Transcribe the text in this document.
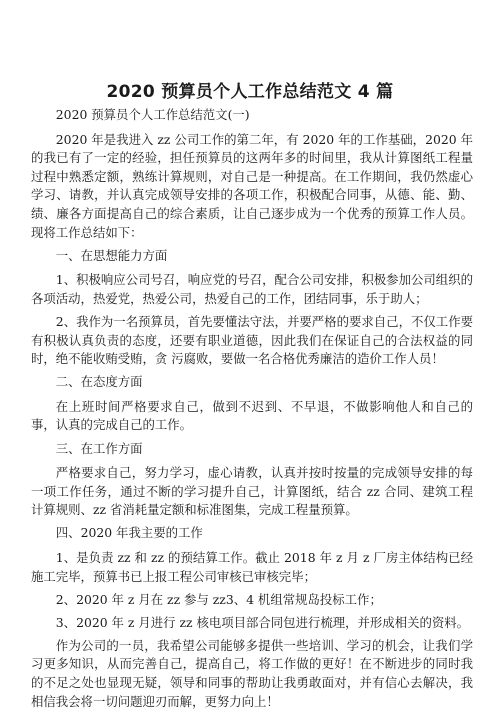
2020 预算员个人工作总结范文 4 篇

2020 预算员个人工作总结范文(一)

2020 年是我进入 zz 公司工作的第二年，有 2020 年的工作基础，2020 年的我已有了一定的经验，担任预算员的这两年多的时间里，我从计算图纸工程量过程中熟悉定额，熟练计算规则，对自己是一种提高。在工作期间，我仍然虚心学习、请教，并认真完成领导安排的各项工作，积极配合同事，从德、能、勤、绩、廉各方面提高自己的综合素质，让自己逐步成为一个优秀的预算工作人员。现将工作总结如下：

一、在思想能力方面

1、积极响应公司号召，响应党的号召，配合公司安排，积极参加公司组织的各项活动，热爱党，热爱公司，热爱自己的工作，团结同事，乐于助人；

2、我作为一名预算员，首先要懂法守法，并要严格的要求自己，不仅工作要有积极认真负责的态度，还要有职业道德，因此我们在保证自己的合法权益的同时，绝不能收贿受贿，贪 污腐败，要做一名合格优秀廉洁的造价工作人员！

二、在态度方面

在上班时间严格要求自己，做到不迟到、不早退，不做影响他人和自己的事，认真的完成自己的工作。

三、在工作方面

严格要求自己，努力学习，虚心请教，认真并按时按量的完成领导安排的每一项工作任务，通过不断的学习提升自己，计算图纸，结合 zz 合同、建筑工程计算规则、zz 省消耗量定额和标准图集，完成工程量预算。

四、2020 年我主要的工作

1、是负责 zz 和 zz 的预结算工作。截止 2018 年 z 月 z 厂房主体结构已经施工完毕，预算书已上报工程公司审核已审核完毕；

2、2020 年 z 月在 zz 参与 zz3、4 机组常规岛投标工作；

3、2020 年 z 月进行 zz 核电项目部合同包进行梳理，并形成相关的资料。

作为公司的一员，我希望公司能够多提供一些培训、学习的机会，让我们学习更多知识，从而完善自己，提高自己，将工作做的更好！在不断进步的同时我的不足之处也显现无疑，领导和同事的帮助让我勇敢面对，并有信心去解决，我相信我会将一切问题迎刃而解，更努力向上！
